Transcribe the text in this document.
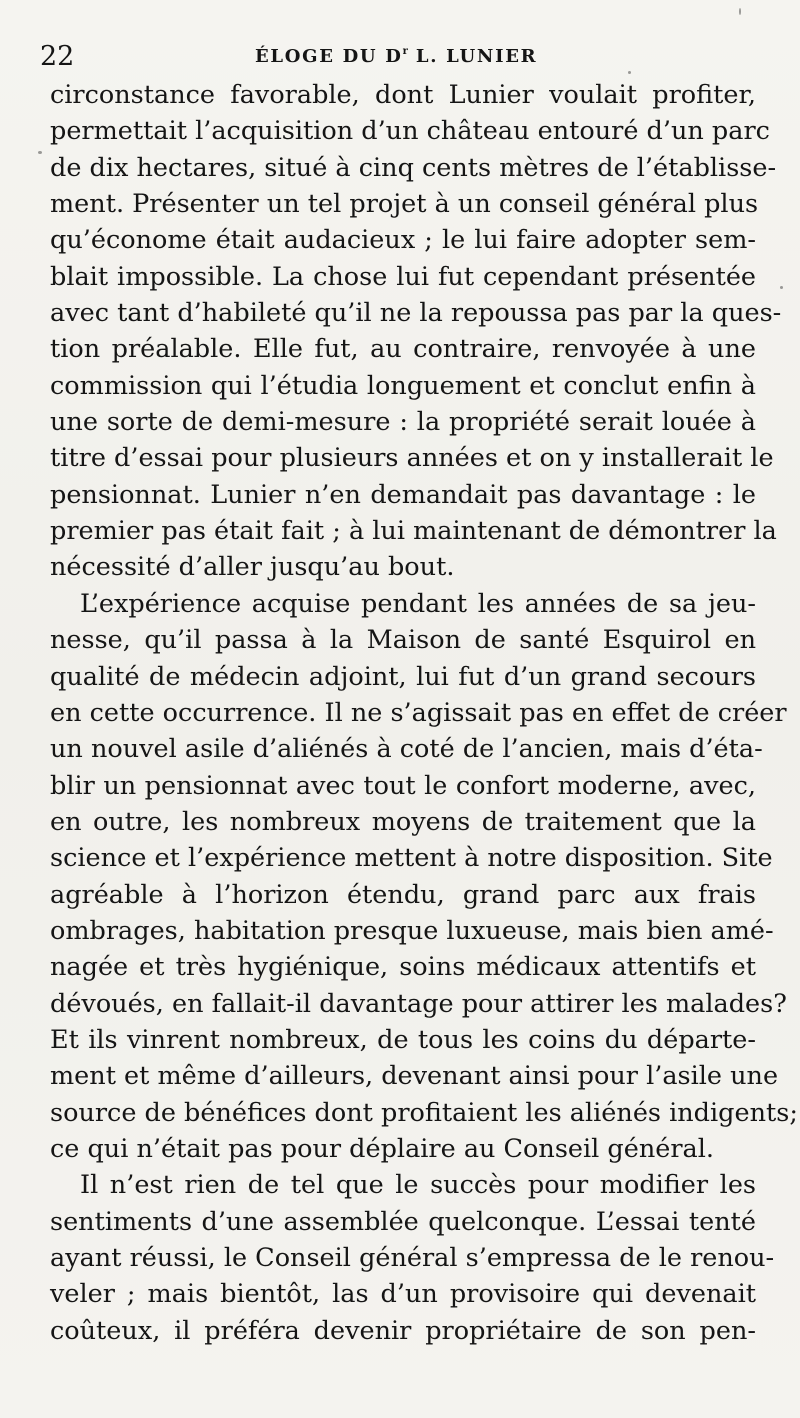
22	ÉLOGE DU $D^r$ L. LUNIER
circonstance favorable, dont Lunier voulait profiter,
permettait l’acquisition d’un château entouré d’un parc
de dix hectares, situé à cinq cents mètres de l’établisse-
ment. Présenter un tel projet à un conseil général plus
qu’économe était audacieux ; le lui faire adopter sem-
blait impossible. La chose lui fut cependant présentée
avec tant d’habileté qu’il ne la repoussa pas par la ques-
tion préalable. Elle fut, au contraire, renvoyée à une
commission qui l’étudia longuement et conclut enfin à
une sorte de demi-mesure : la propriété serait louée à
titre d’essai pour plusieurs années et on y installerait le
pensionnat. Lunier n’en demandait pas davantage : le
premier pas était fait ; à lui maintenant de démontrer la
nécessité d’aller jusqu’au bout.
L’expérience acquise pendant les années de sa jeu-
nesse, qu’il passa à la Maison de santé Esquirol en
qualité de médecin adjoint, lui fut d’un grand secours
en cette occurrence. Il ne s’agissait pas en effet de créer
un nouvel asile d’aliénés à coté de l’ancien, mais d’éta-
blir un pensionnat avec tout le confort moderne, avec,
en outre, les nombreux moyens de traitement que la
science et l’expérience mettent à notre disposition. Site
agréable à l’horizon étendu, grand parc aux frais
ombrages, habitation presque luxueuse, mais bien amé-
nagée et très hygiénique, soins médicaux attentifs et
dévoués, en fallait-il davantage pour attirer les malades?
Et ils vinrent nombreux, de tous les coins du départe-
ment et même d’ailleurs, devenant ainsi pour l’asile une
source de bénéfices dont profitaient les aliénés indigents;
ce qui n’était pas pour déplaire au Conseil général.
Il n’est rien de tel que le succès pour modifier les
sentiments d’une assemblée quelconque. L’essai tenté
ayant réussi, le Conseil général s’empressa de le renou-
veler ; mais bientôt, las d’un provisoire qui devenait
coûteux, il préféra devenir propriétaire de son pen-
